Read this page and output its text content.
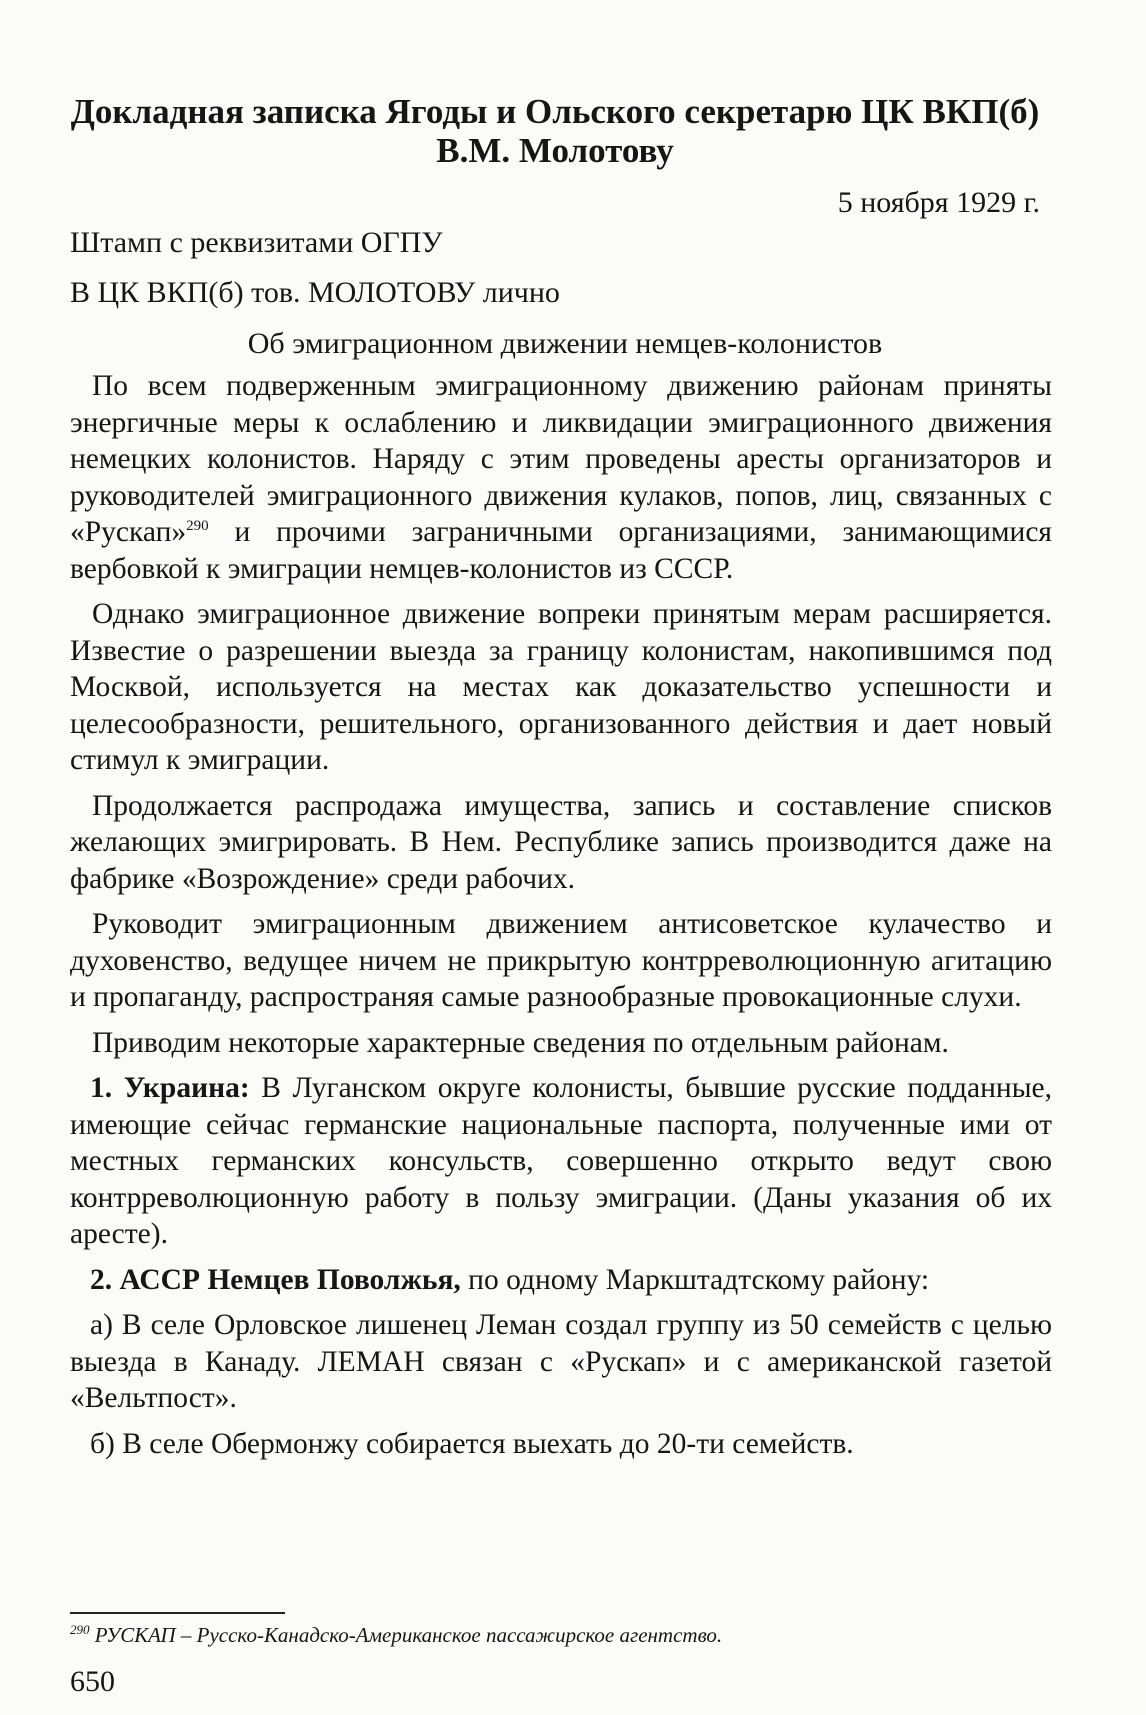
Докладная записка Ягоды и Ольского секретарю ЦК ВКП(б)
В.М. Молотову
5 ноября 1929 г.
Штамп с реквизитами ОГПУ
В ЦК ВКП(б) тов. МОЛОТОВУ лично
Об эмиграционном движении немцев-колонистов

По всем подверженным эмиграционному движению районам приняты энергичные меры к ослаблению и ликвидации эмиграционного движения немецких колонистов. Наряду с этим проведены аресты организаторов и руководителей эмиграционного движения кулаков, попов, лиц, связанных с «Рускап»$^{290}$ и прочими заграничными организациями, занимающимися вербовкой к эмиграции немцев-колонистов из СССР.

Однако эмиграционное движение вопреки принятым мерам расширяется. Известие о разрешении выезда за границу колонистам, накопившимся под Москвой, используется на местах как доказательство успешности и целесообразности, решительного, организованного действия и дает новый стимул к эмиграции.

Продолжается распродажа имущества, запись и составление списков желающих эмигрировать. В Нем. Республике запись производится даже на фабрике «Возрождение» среди рабочих.

Руководит эмиграционным движением антисоветское кулачество и духовенство, ведущее ничем не прикрытую контрреволюционную агитацию и пропаганду, распространяя самые разнообразные провокационные слухи.

Приводим некоторые характерные сведения по отдельным районам.

1. Украина: В Луганском округе колонисты, бывшие русские подданные, имеющие сейчас германские национальные паспорта, полученные ими от местных германских консульств, совершенно открыто ведут свою контрреволюционную работу в пользу эмиграции. (Даны указания об их аресте).

2. АССР Немцев Поволжья, по одному Маркштадтскому району:

а) В селе Орловское лишенец Леман создал группу из 50 семейств с целью выезда в Канаду. ЛЕМАН связан с «Рускап» и с американской газетой «Вельтпост».

б) В селе Обермонжу собирается выехать до 20-ти семейств.

$^{290}$ РУСКАП – Русско-Канадско-Американское пассажирское агентство.
650
